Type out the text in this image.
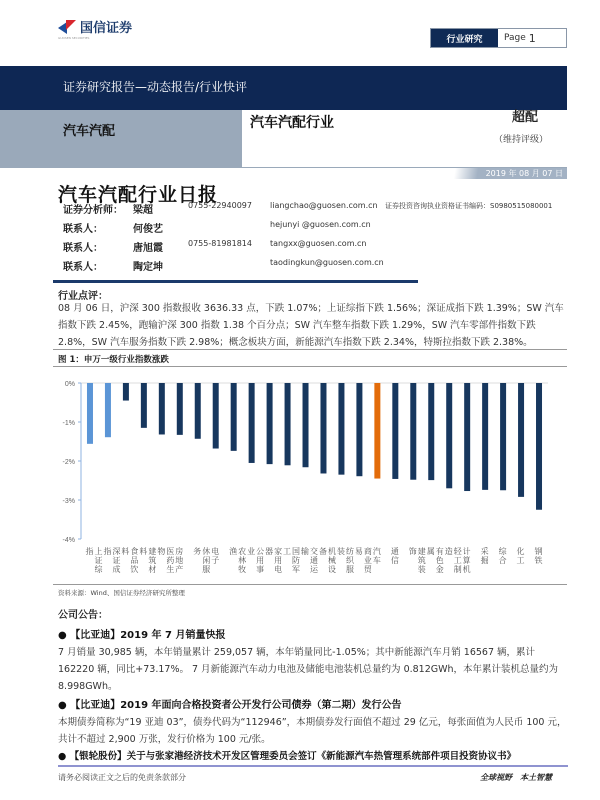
国信证券
GUOSEN SECURITIES	行业研究	Page 1
证券研究报告—动态报告/行业快评
汽车汽配
汽车汽配行业	超配
（维持评级）
2019 年 08 月 07 日
汽车汽配行业日报
证券分析师： 梁超	0755-22940097 liangchao@guosen.com.cn 证券投资咨询执业资格证书编码：S0980515080001
联系人：	何俊艺	hejunyi @guosen.com.cn
联系人：	唐旭霞	0755-81981814 tangxx@guosen.com.cn
联系人：	陶定坤	taodingkun@guosen.com.cn
行业点评：
08 月 06 日，沪深 300 指数报收 3636.33 点，下跌 1.07%；上证综指下跌 1.56%；深证成指下跌 1.39%；SW 汽车指数下跌 2.45%，跑输沪深 300 指数 1.38 个百分点；SW 汽车整车指数下跌 1.29%，SW 汽车零部件指数下跌 2.8%，SW 汽车服务指数下跌 2.98%；概念板块方面，新能源汽车指数下跌 2.34%，特斯拉指数下跌 2.38%。
图 1：申万一级行业指数涨跌
0%
-1%
-2%
-3%
-4%
上证综指	深证成指	食品饮料	建筑材料	医药生物	房地产	休闲服务	电子	农林牧渔	公用事业	家用电器	国防军工	交通运输	机械设备	纺织服装	商业贸易	汽车 通信	建筑装饰	有色金属	轻工制造	计算机 采掘 综合 化工 钢铁
资料来源：Wind、国信证券经济研究所整理
公司公告：
● 【比亚迪】2019 年 7 月销量快报
7 月销量 30,985 辆，本年销量累计 259,057 辆，本年销量同比-1.05%；其中新能源汽车月销 16567 辆，累计 162220 辆，同比+73.17%。 7 月新能源汽车动力电池及储能电池装机总量约为 0.812GWh，本年累计装机总量约为 8.998GWh。
● 【比亚迪】2019 年面向合格投资者公开发行公司债券（第二期）发行公告
本期债券简称为“19 亚迪 03”，债券代码为“112946”，本期债券发行面值不超过 29 亿元，每张面值为人民币 100 元，共计不超过 2,900 万张，发行价格为 100 元/张。
● 【银轮股份】关于与张家港经济技术开发区管理委员会签订《新能源汽车热管理系统部件项目投资协议书》
请务必阅读正文之后的免责条款部分	全球视野　本土智慧
